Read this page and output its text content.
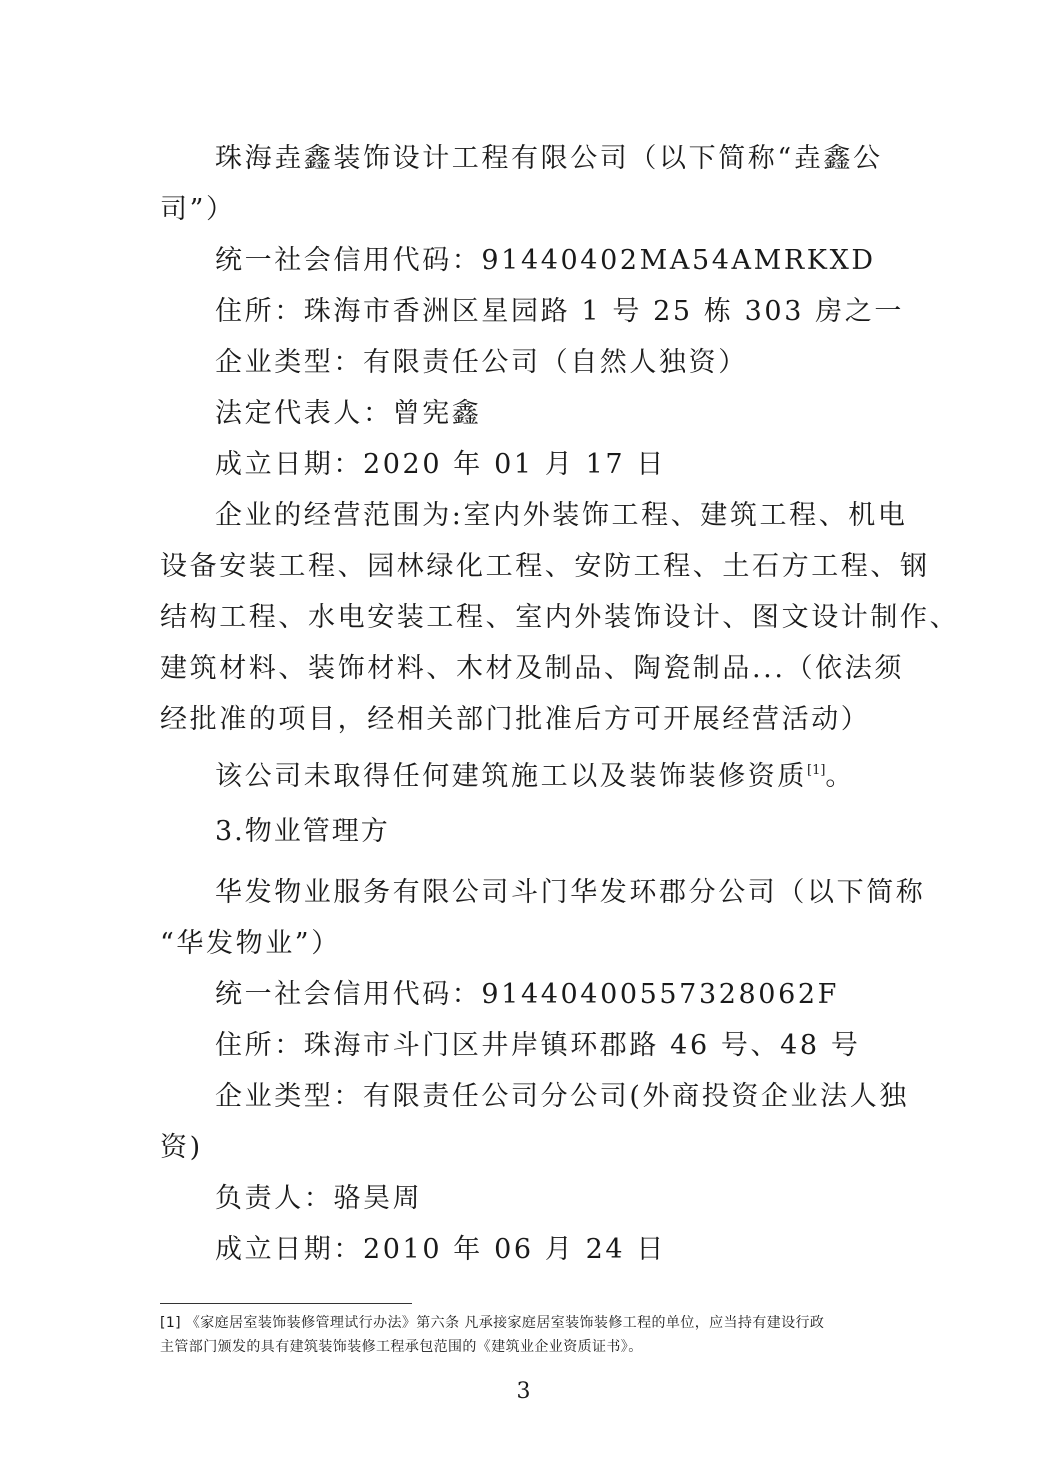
珠海垚鑫装饰设计工程有限公司（以下简称“垚鑫公
司”）
统一社会信用代码：91440402MA54AMRKXD
住所：珠海市香洲区星园路 1 号 25 栋 303 房之一
企业类型：有限责任公司（自然人独资）
法定代表人：曾宪鑫
成立日期：2020 年 01 月 17 日
企业的经营范围为:室内外装饰工程、建筑工程、机电
设备安装工程、园林绿化工程、安防工程、土石方工程、钢
结构工程、水电安装工程、室内外装饰设计、图文设计制作、
建筑材料、装饰材料、木材及制品、陶瓷制品...（依法须
经批准的项目，经相关部门批准后方可开展经营活动）
该公司未取得任何建筑施工以及装饰装修资质[1]。
3.物业管理方
华发物业服务有限公司斗门华发环郡分公司（以下简称
“华发物业”）
统一社会信用代码：91440400557328062F
住所：珠海市斗门区井岸镇环郡路 46 号、48 号
企业类型：有限责任公司分公司(外商投资企业法人独
资)
负责人：骆昊周
成立日期：2010 年 06 月 24 日
[1] 《家庭居室装饰装修管理试行办法》第六条 凡承接家庭居室装饰装修工程的单位，应当持有建设行政
主管部门颁发的具有建筑装饰装修工程承包范围的《建筑业企业资质证书》。
3
